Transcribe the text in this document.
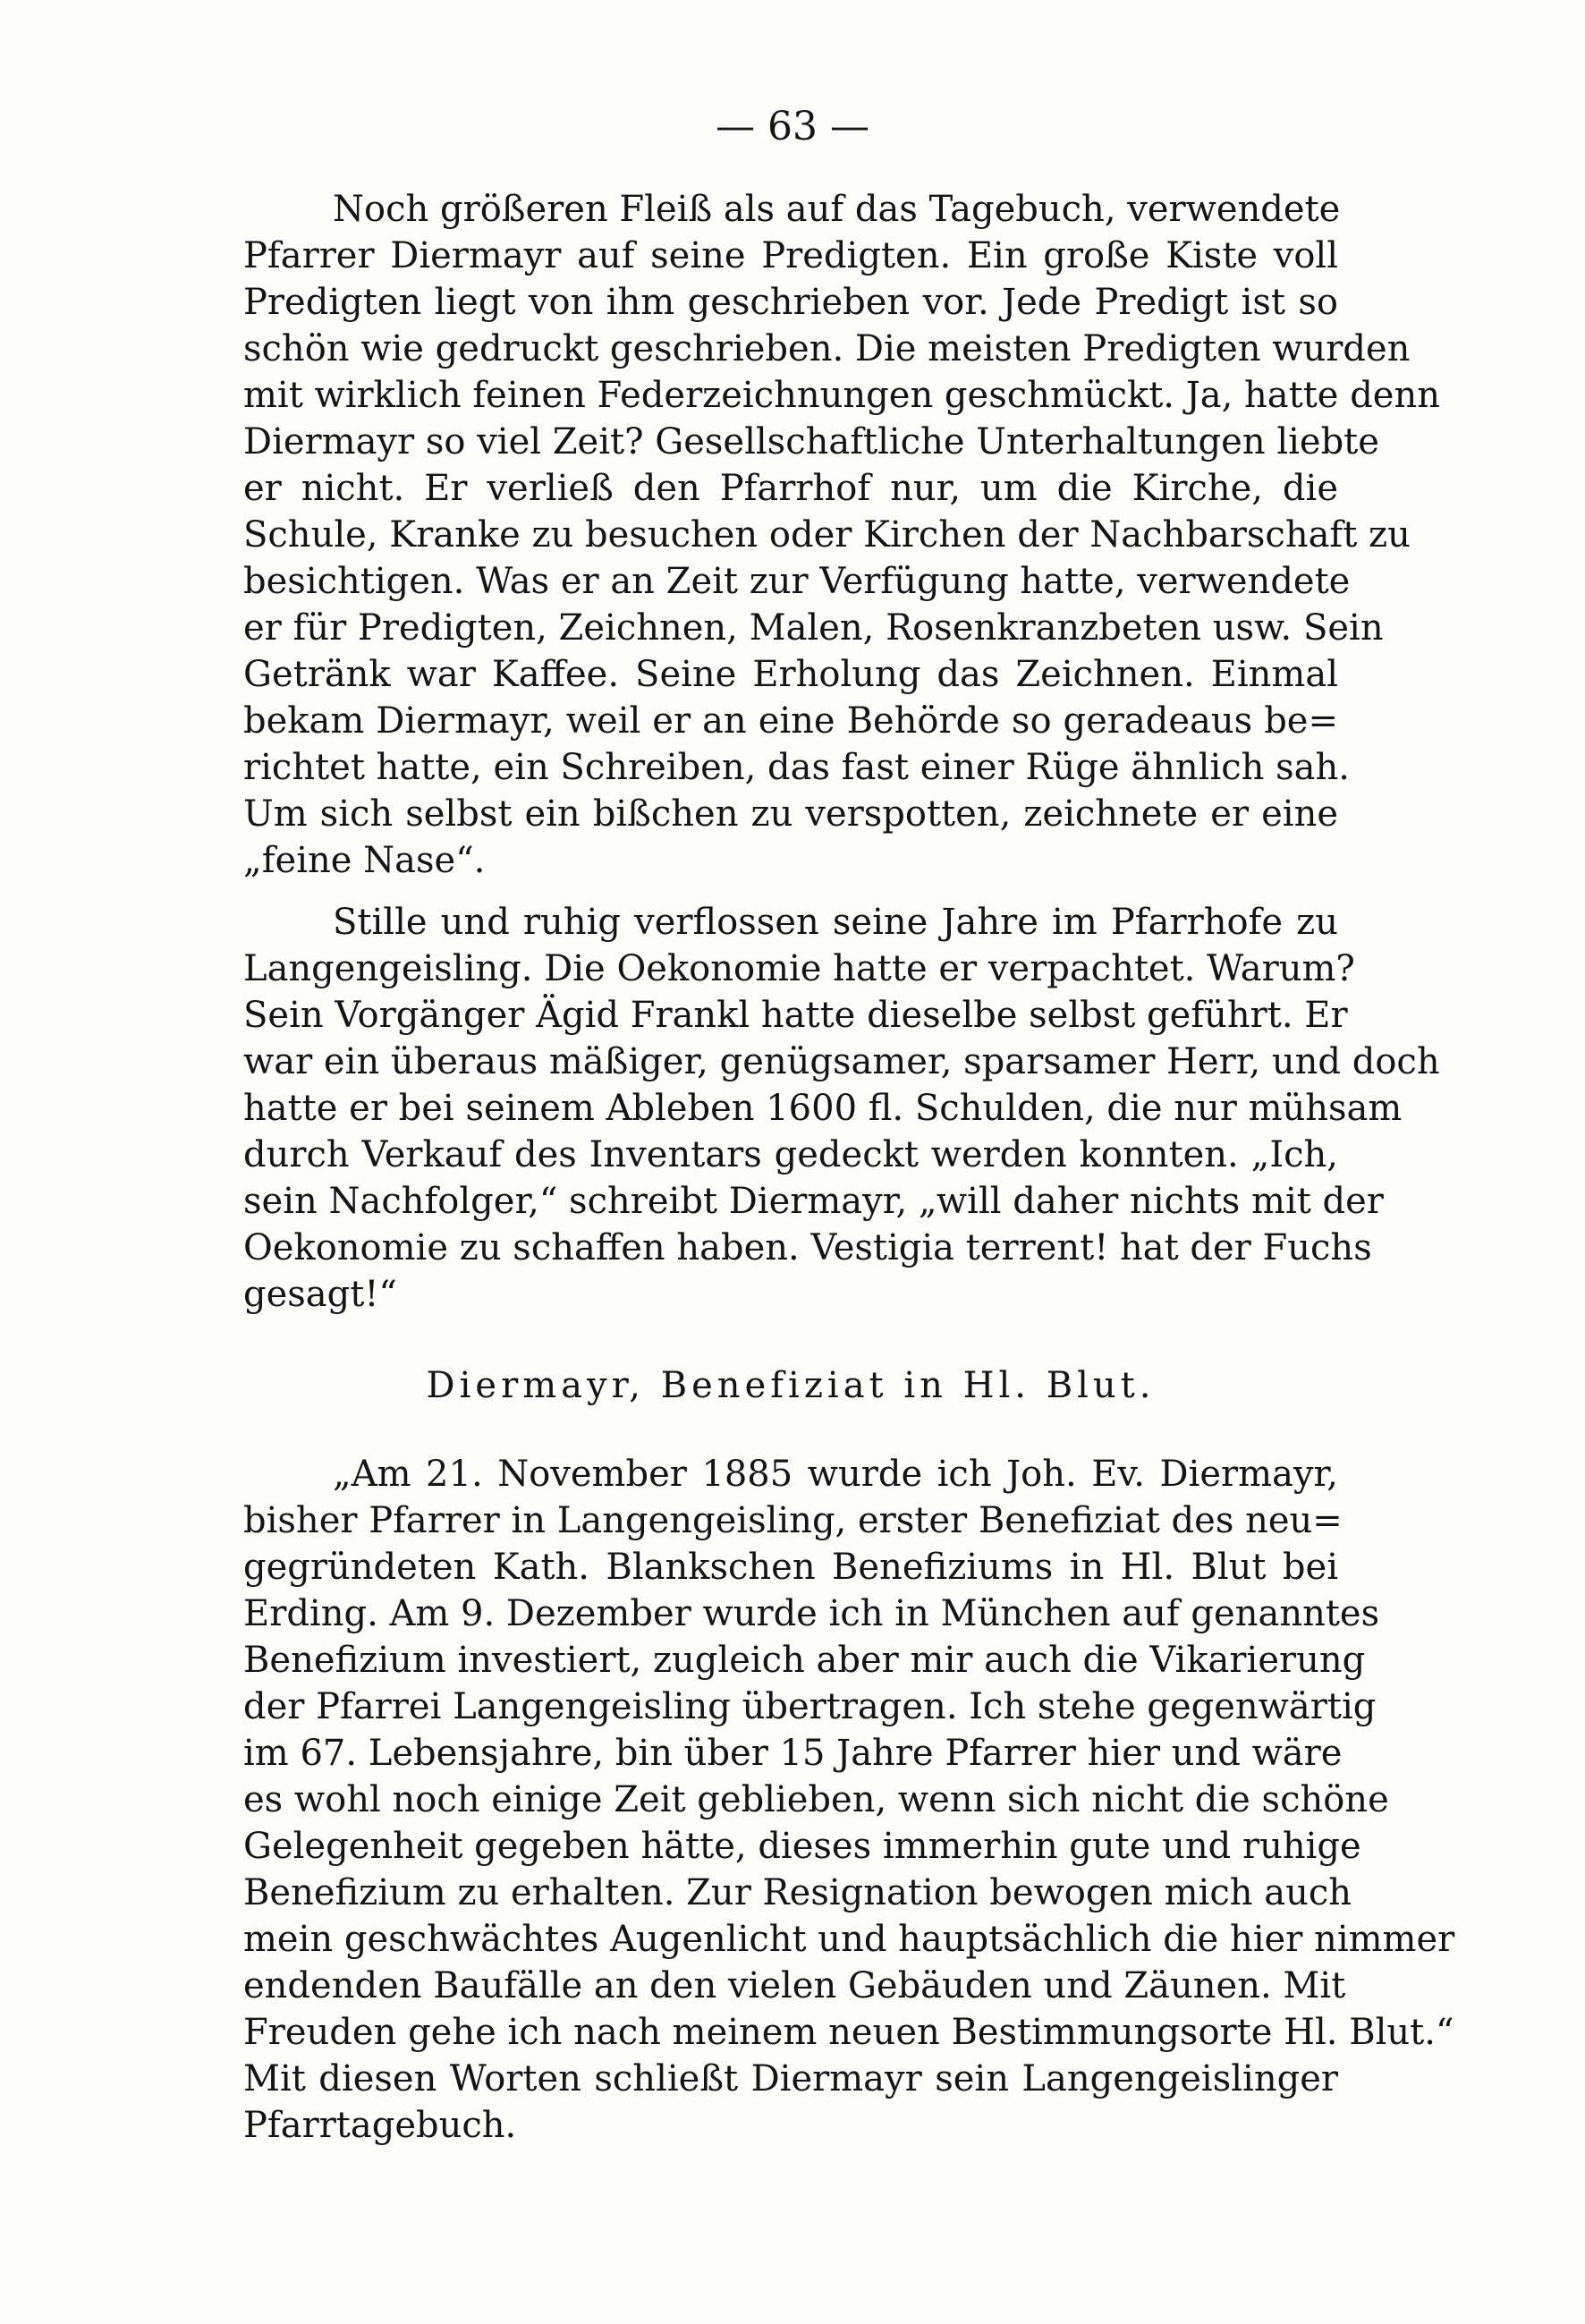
— 63 —
Noch größeren Fleiß als auf das Tagebuch, verwendete
Pfarrer Diermayr auf seine Predigten. Ein große Kiste voll
Predigten liegt von ihm geschrieben vor. Jede Predigt ist so
schön wie gedruckt geschrieben. Die meisten Predigten wurden
mit wirklich feinen Federzeichnungen geschmückt. Ja, hatte denn
Diermayr so viel Zeit? Gesellschaftliche Unterhaltungen liebte
er nicht. Er verließ den Pfarrhof nur, um die Kirche, die
Schule, Kranke zu besuchen oder Kirchen der Nachbarschaft zu
besichtigen. Was er an Zeit zur Verfügung hatte, verwendete
er für Predigten, Zeichnen, Malen, Rosenkranzbeten usw. Sein
Getränk war Kaffee. Seine Erholung das Zeichnen. Einmal
bekam Diermayr, weil er an eine Behörde so geradeaus be=
richtet hatte, ein Schreiben, das fast einer Rüge ähnlich sah.
Um sich selbst ein bißchen zu verspotten, zeichnete er eine
„feine Nase“.
Stille und ruhig verflossen seine Jahre im Pfarrhofe zu
Langengeisling. Die Oekonomie hatte er verpachtet. Warum?
Sein Vorgänger Ägid Frankl hatte dieselbe selbst geführt. Er
war ein überaus mäßiger, genügsamer, sparsamer Herr, und doch
hatte er bei seinem Ableben 1600 fl. Schulden, die nur mühsam
durch Verkauf des Inventars gedeckt werden konnten. „Ich,
sein Nachfolger,“ schreibt Diermayr, „will daher nichts mit der
Oekonomie zu schaffen haben. Vestigia terrent! hat der Fuchs
gesagt!“
Diermayr, Benefiziat in Hl. Blut.
„Am 21. November 1885 wurde ich Joh. Ev. Diermayr,
bisher Pfarrer in Langengeisling, erster Benefiziat des neu=
gegründeten Kath. Blankschen Benefiziums in Hl. Blut bei
Erding. Am 9. Dezember wurde ich in München auf genanntes
Benefizium investiert, zugleich aber mir auch die Vikarierung
der Pfarrei Langengeisling übertragen. Ich stehe gegenwärtig
im 67. Lebensjahre, bin über 15 Jahre Pfarrer hier und wäre
es wohl noch einige Zeit geblieben, wenn sich nicht die schöne
Gelegenheit gegeben hätte, dieses immerhin gute und ruhige
Benefizium zu erhalten. Zur Resignation bewogen mich auch
mein geschwächtes Augenlicht und hauptsächlich die hier nimmer
endenden Baufälle an den vielen Gebäuden und Zäunen. Mit
Freuden gehe ich nach meinem neuen Bestimmungsorte Hl. Blut.“
Mit diesen Worten schließt Diermayr sein Langengeislinger
Pfarrtagebuch.
